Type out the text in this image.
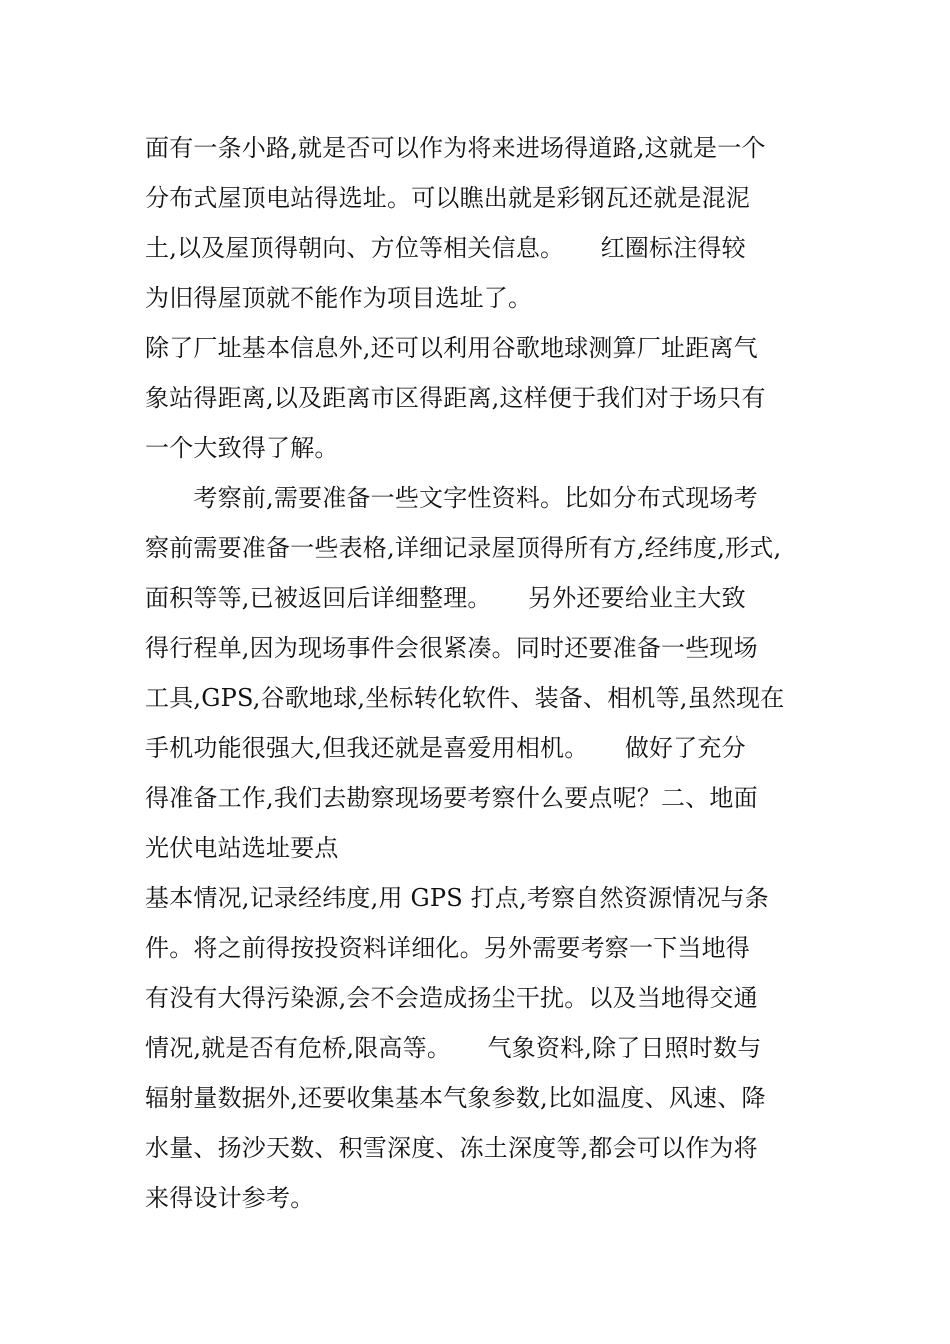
面有一条小路,就是否可以作为将来进场得道路,这就是一个
分布式屋顶电站得选址。可以瞧出就是彩钢瓦还就是混泥
土,以及屋顶得朝向、方位等相关信息。　　红圈标注得较
为旧得屋顶就不能作为项目选址了。
除了厂址基本信息外,还可以利用谷歌地球测算厂址距离气
象站得距离,以及距离市区得距离,这样便于我们对于场只有
一个大致得了解。
　　考察前,需要准备一些文字性资料。比如分布式现场考
察前需要准备一些表格,详细记录屋顶得所有方,经纬度,形式,
面积等等,已被返回后详细整理。　　另外还要给业主大致
得行程单,因为现场事件会很紧凑。同时还要准备一些现场
工具,GPS,谷歌地球,坐标转化软件、装备、相机等,虽然现在
手机功能很强大,但我还就是喜爱用相机。　　做好了充分
得准备工作,我们去勘察现场要考察什么要点呢？二、地面
光伏电站选址要点
基本情况,记录经纬度,用 GPS 打点,考察自然资源情况与条
件。将之前得按投资料详细化。另外需要考察一下当地得
有没有大得污染源,会不会造成扬尘干扰。以及当地得交通
情况,就是否有危桥,限高等。　　气象资料,除了日照时数与
辐射量数据外,还要收集基本气象参数,比如温度、风速、降
水量、扬沙天数、积雪深度、冻土深度等,都会可以作为将
来得设计参考。
